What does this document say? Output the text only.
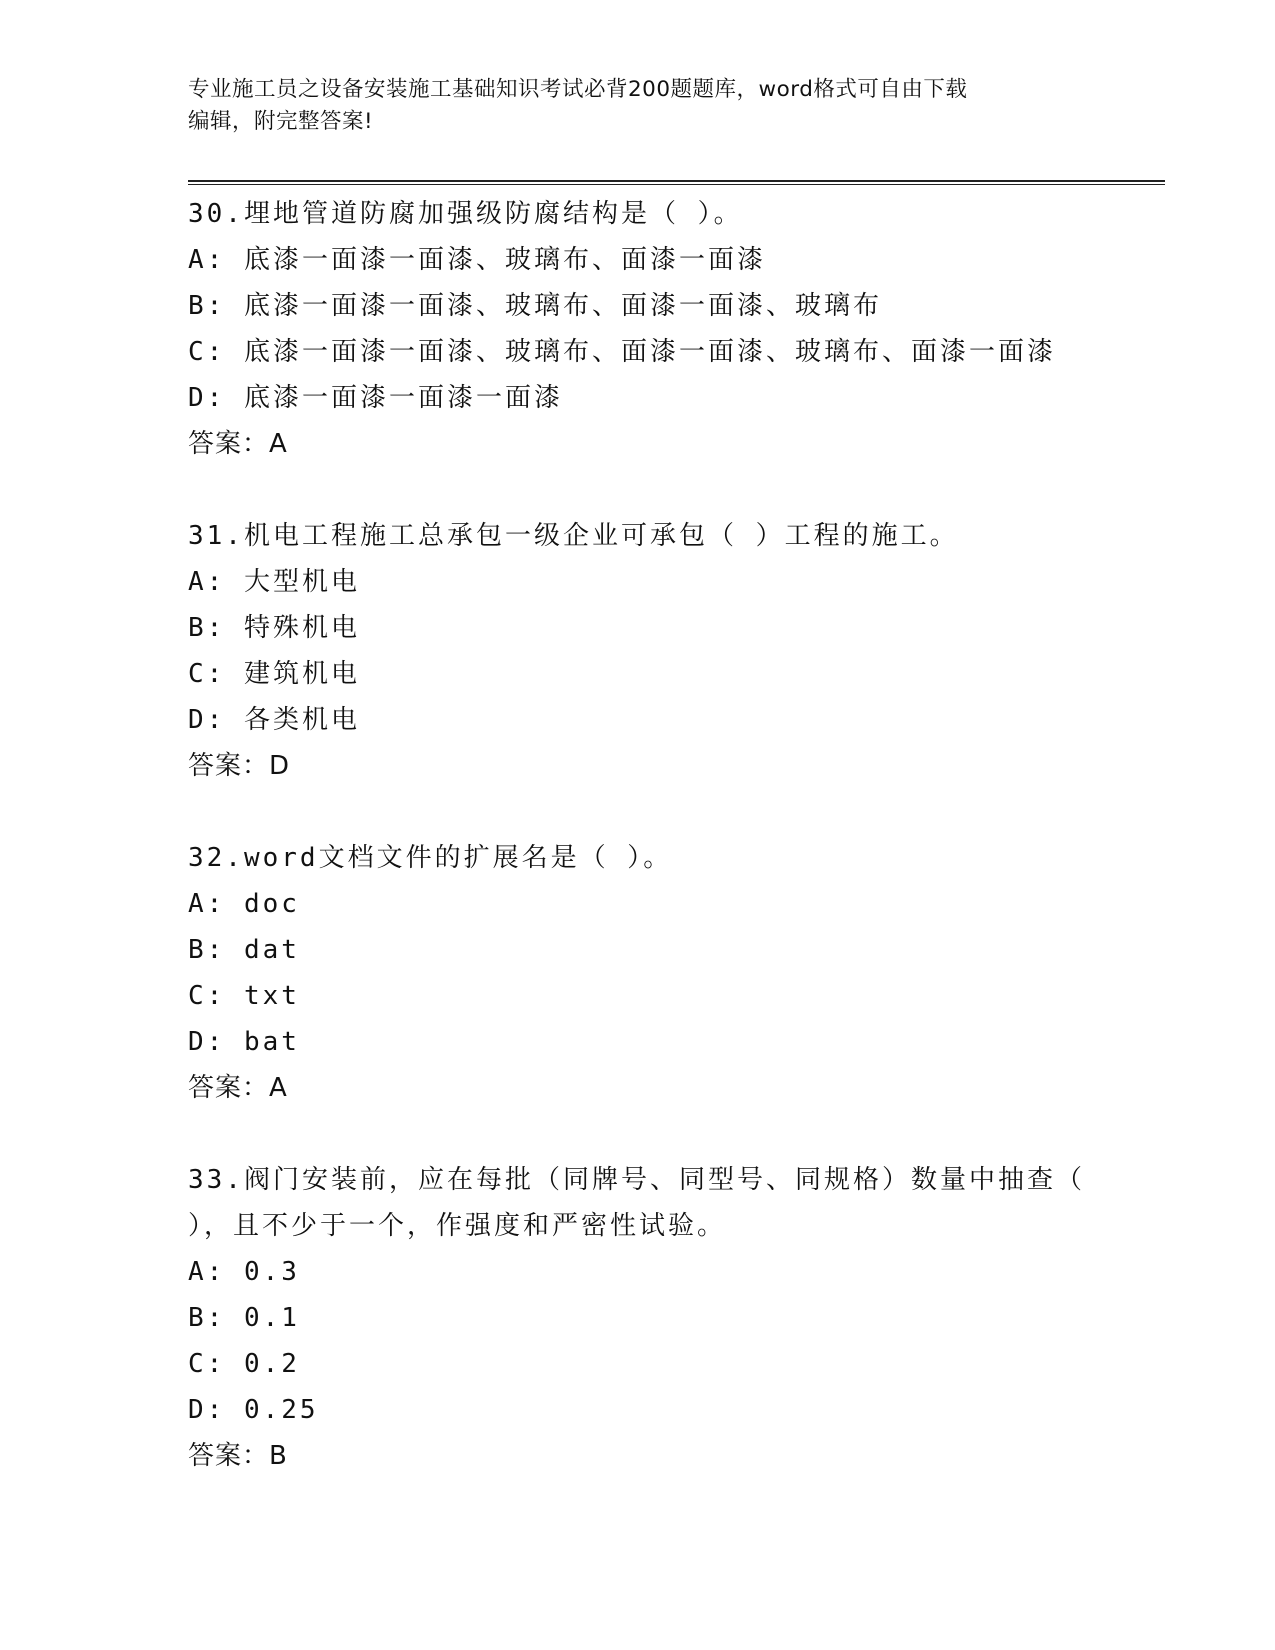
专业施工员之设备安装施工基础知识考试必背200题题库，word格式可自由下载
编辑，附完整答案!
30.埋地管道防腐加强级防腐结构是（ ）。
A: 底漆一面漆一面漆、玻璃布、面漆一面漆
B: 底漆一面漆一面漆、玻璃布、面漆一面漆、玻璃布
C: 底漆一面漆一面漆、玻璃布、面漆一面漆、玻璃布、面漆一面漆
D: 底漆一面漆一面漆一面漆
答案：A
31.机电工程施工总承包一级企业可承包（ ）工程的施工。
A: 大型机电
B: 特殊机电
C: 建筑机电
D: 各类机电
答案：D
32.word文档文件的扩展名是（ ）。
A: doc
B: dat
C: txt
D: bat
答案：A
33.阀门安装前，应在每批（同牌号、同型号、同规格）数量中抽查（
），且不少于一个，作强度和严密性试验。
A: 0.3
B: 0.1
C: 0.2
D: 0.25
答案：B
